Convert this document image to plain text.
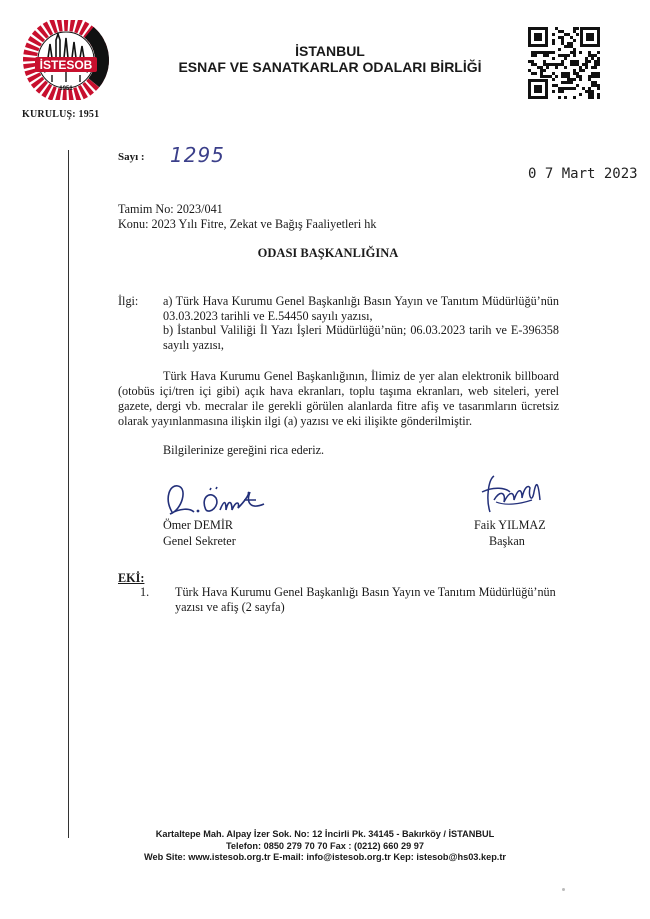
İSTESOB
1951
KURULUŞ: 1951
İSTANBUL
ESNAF VE SANATKARLAR ODALARI BİRLİĞİ
Sayı : 1295
0 7 Mart 2023
Tamim No: 2023/041
Konu: 2023 Yılı Fitre, Zekat ve Bağış Faaliyetleri hk
ODASI BAŞKANLIĞINA
İlgi: a) Türk Hava Kurumu Genel Başkanlığı Basın Yayın ve Tanıtım Müdürlüğü’nün 03.03.2023 tarihli ve E.54450 sayılı yazısı,
b) İstanbul Valiliği İl Yazı İşleri Müdürlüğü’nün; 06.03.2023 tarih ve E-396358 sayılı yazısı,
Türk Hava Kurumu Genel Başkanlığının, İlimiz de yer alan elektronik billboard (otobüs içi/tren içi gibi) açık hava ekranları, toplu taşıma ekranları, web siteleri, yerel gazete, dergi vb. mecralar ile gerekli görülen alanlarda fitre afiş ve tasarımların ücretsiz olarak yayınlanmasına ilişkin ilgi (a) yazısı ve eki ilişikte gönderilmiştir.
Bilgilerinize gereğini rica ederiz.
Ömer DEMİR
Genel Sekreter
Faik YILMAZ
Başkan
EKİ:
1. Türk Hava Kurumu Genel Başkanlığı Basın Yayın ve Tanıtım Müdürlüğü’nün yazısı ve afiş (2 sayfa)
Kartaltepe Mah. Alpay İzer Sok. No: 12 İncirli Pk. 34145 - Bakırköy / İSTANBUL
Telefon: 0850 279 70 70 Fax : (0212) 660 29 97
Web Site: www.istesob.org.tr E-mail: info@istesob.org.tr Kep: istesob@hs03.kep.tr
